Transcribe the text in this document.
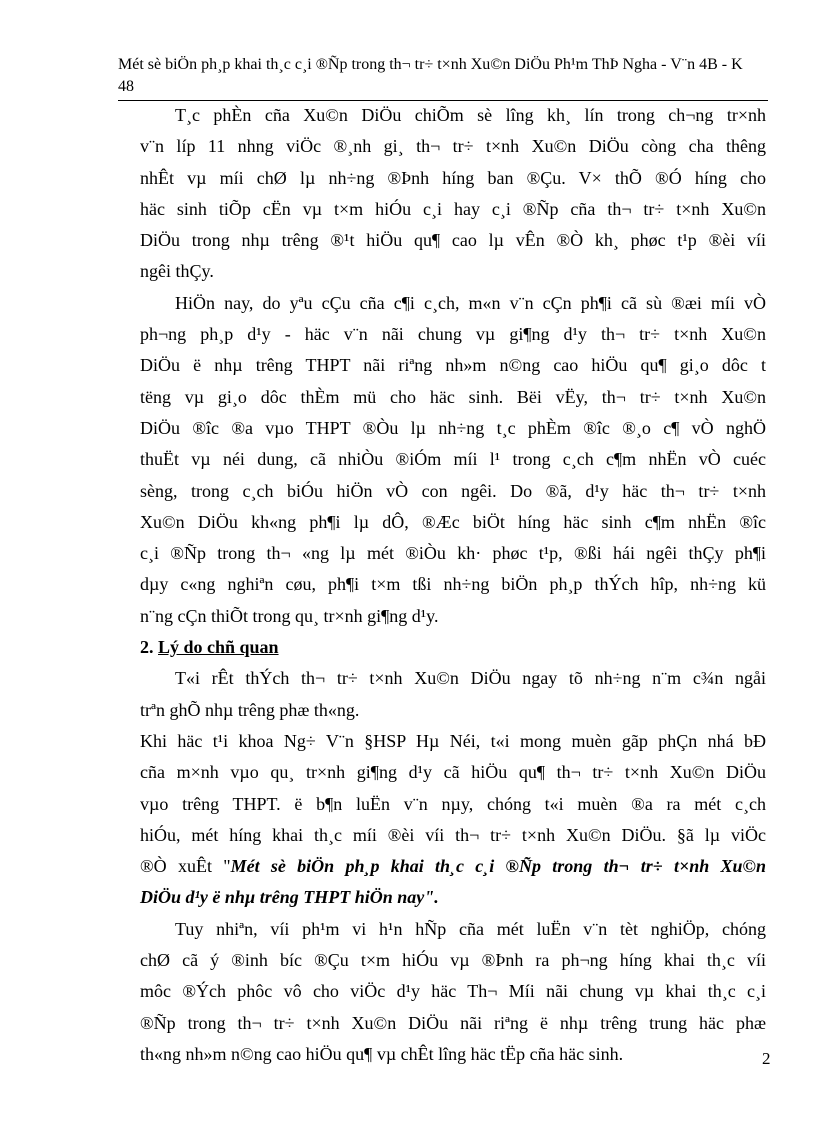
Mét sè biÖn ph¸p khai th¸c c¸i ®Ñp trong th¬ tr÷ t×nh Xu©n DiÖu Ph¹m ThÞ Ngha - V¨n 4B - K
48
T¸c phÈn cña Xu©n DiÖu chiÕm sè lîng kh¸ lín trong ch¬ng tr×nh
v¨n líp 11 nhng viÖc ®¸nh gi¸ th¬ tr÷ t×nh Xu©n DiÖu còng cha thêng
nhÊt vµ míi chØ lµ nh÷ng ®Þnh híng ban ®Çu. V× thÕ ®Ó híng cho
häc sinh tiÕp cËn vµ t×m hiÓu c¸i hay c¸i ®Ñp cña th¬ tr÷ t×nh Xu©n
DiÖu trong nhµ trêng ®¹t hiÖu qu¶ cao lµ vÊn ®Ò kh¸ phøc t¹p ®èi víi
ngêi thÇy.
HiÖn nay, do yªu cÇu cña c¶i c¸ch, m«n v¨n cÇn ph¶i cã sù ®æi míi vÒ
ph¬ng ph¸p d¹y - häc v¨n nãi chung vµ gi¶ng d¹y th¬ tr÷ t×nh Xu©n
DiÖu ë nhµ trêng THPT nãi riªng nh»m n©ng cao hiÖu qu¶ gi¸o dôc t
tëng vµ gi¸o dôc thÈm mü cho häc sinh. Bëi vËy, th¬ tr÷ t×nh Xu©n
DiÖu ®îc ®a vµo THPT ®Òu lµ nh÷ng t¸c phÈm ®îc ®¸o c¶ vÒ nghÖ
thuËt vµ néi dung, cã nhiÒu ®iÓm míi l¹ trong c¸ch c¶m nhËn vÒ cuéc
sèng, trong c¸ch biÓu hiÖn vÒ con ngêi. Do ®ã, d¹y häc th¬ tr÷ t×nh
Xu©n DiÖu kh«ng ph¶i lµ dÔ, ®Æc biÖt híng häc sinh c¶m nhËn ®îc
c¸i ®Ñp trong th¬ «ng lµ mét ®iÒu kh· phøc t¹p, ®ßi hái ngêi thÇy ph¶i
dµy c«ng nghiªn cøu, ph¶i t×m tßi nh÷ng biÖn ph¸p thÝch hîp, nh÷ng kü
n¨ng cÇn thiÕt trong qu¸ tr×nh gi¶ng d¹y.
2. Lý do chñ quan
T«i rÊt thÝch th¬ tr÷ t×nh Xu©n DiÖu ngay tõ nh÷ng n¨m c¾n ngåi
trªn ghÕ nhµ trêng phæ th«ng.
Khi häc t¹i khoa Ng÷ V¨n §HSP Hµ Néi, t«i mong muèn gãp phÇn nhá bÐ
cña m×nh vµo qu¸ tr×nh gi¶ng d¹y cã hiÖu qu¶ th¬ tr÷ t×nh Xu©n DiÖu
vµo trêng THPT. ë b¶n luËn v¨n nµy, chóng t«i muèn ®a ra mét c¸ch
hiÓu, mét híng khai th¸c míi ®èi víi th¬ tr÷ t×nh Xu©n DiÖu. §ã lµ viÖc
®Ò xuÊt "Mét sè biÖn ph¸p khai th¸c c¸i ®Ñp trong th¬ tr÷ t×nh Xu©n
DiÖu d¹y ë nhµ trêng THPT hiÖn nay".
Tuy nhiªn, víi ph¹m vi h¹n hÑp cña mét luËn v¨n tèt nghiÖp, chóng
chØ cã ý ®inh bíc ®Çu t×m hiÓu vµ ®Þnh ra ph¬ng híng khai th¸c víi
môc ®Ých phôc vô cho viÖc d¹y häc Th¬ Míi nãi chung vµ khai th¸c c¸i
®Ñp trong th¬ tr÷ t×nh Xu©n DiÖu nãi riªng ë nhµ trêng trung häc phæ
th«ng nh»m n©ng cao hiÖu qu¶ vµ chÊt lîng häc tËp cña häc sinh.	2
